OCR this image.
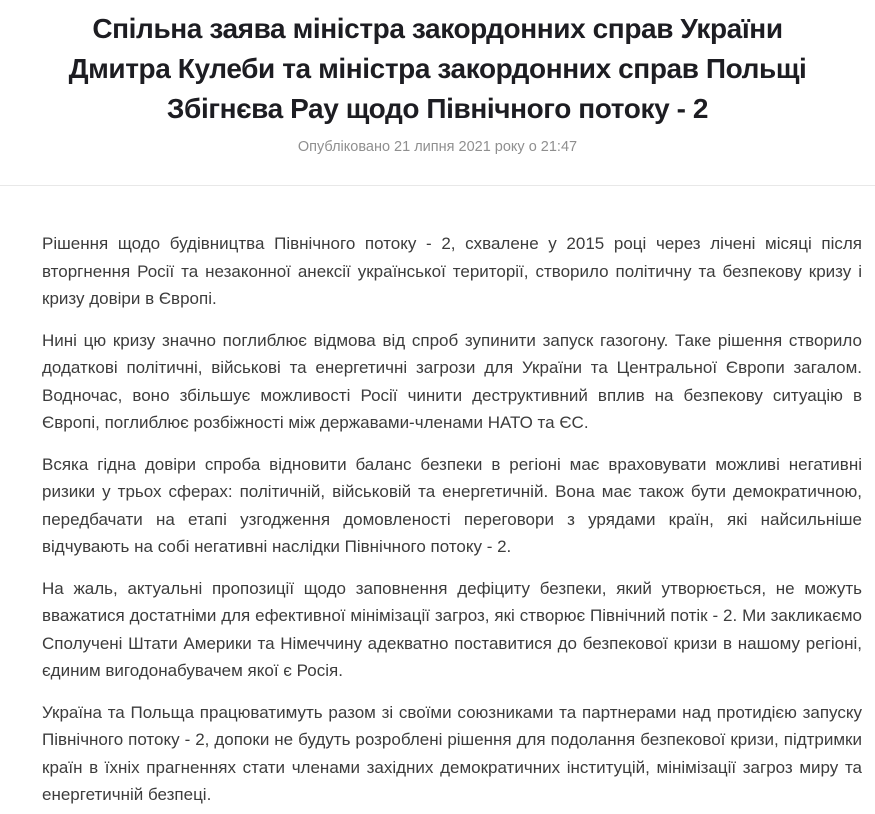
Спільна заява міністра закордонних справ України
Дмитра Кулеби та міністра закордонних справ Польщі
Збігнєва Рау щодо Північного потоку - 2
Опубліковано 21 липня 2021 року о 21:47

Рішення щодо будівництва Північного потоку - 2, схвалене у 2015 році через лічені місяці після вторгнення Росії та незаконної анексії української території, створило політичну та безпекову кризу і кризу довіри в Європі.

Нині цю кризу значно поглиблює відмова від спроб зупинити запуск газогону. Таке рішення створило додаткові політичні, військові та енергетичні загрози для України та Центральної Європи загалом. Водночас, воно збільшує можливості Росії чинити деструктивний вплив на безпекову ситуацію в Європі, поглиблює розбіжності між державами-членами НАТО та ЄС.

Всяка гідна довіри спроба відновити баланс безпеки в регіоні має враховувати можливі негативні ризики у трьох сферах: політичній, військовій та енергетичній. Вона має також бути демократичною, передбачати на етапі узгодження домовленості переговори з урядами країн, які найсильніше відчувають на собі негативні наслідки Північного потоку - 2.

На жаль, актуальні пропозиції щодо заповнення дефіциту безпеки, який утворюється, не можуть вважатися достатніми для ефективної мінімізації загроз, які створює Північний потік - 2. Ми закликаємо Сполучені Штати Америки та Німеччину адекватно поставитися до безпекової кризи в нашому регіоні, єдиним вигодонабувачем якої є Росія.

Україна та Польща працюватимуть разом зі своїми союзниками та партнерами над протидією запуску Північного потоку - 2, допоки не будуть розроблені рішення для подолання безпекової кризи, підтримки країн в їхніх прагненнях стати членами західних демократичних інституцій, мінімізації загроз миру та енергетичній безпеці.
